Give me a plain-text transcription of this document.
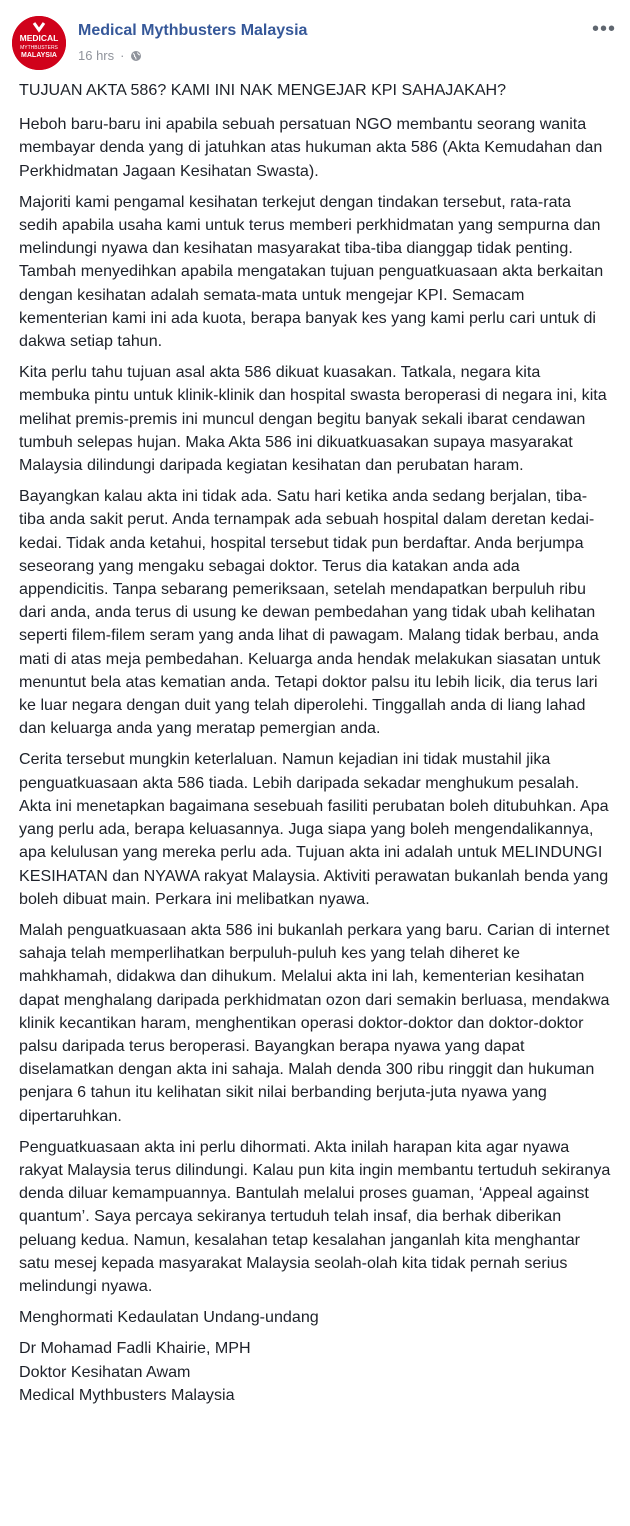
MEDICAL
MYTHBUSTERS
MALAYSIA
Medical Mythbusters Malaysia
16 hrs ·
•••

TUJUAN AKTA 586? KAMI INI NAK MENGEJAR KPI SAHAJAKAH?

Heboh baru-baru ini apabila sebuah persatuan NGO membantu seorang wanita membayar denda yang di jatuhkan atas hukuman akta 586 (Akta Kemudahan dan Perkhidmatan Jagaan Kesihatan Swasta).

Majoriti kami pengamal kesihatan terkejut dengan tindakan tersebut, rata-rata sedih apabila usaha kami untuk terus memberi perkhidmatan yang sempurna dan melindungi nyawa dan kesihatan masyarakat tiba-tiba dianggap tidak penting. Tambah menyedihkan apabila mengatakan tujuan penguatkuasaan akta berkaitan dengan kesihatan adalah semata-mata untuk mengejar KPI. Semacam kementerian kami ini ada kuota, berapa banyak kes yang kami perlu cari untuk di dakwa setiap tahun.

Kita perlu tahu tujuan asal akta 586 dikuat kuasakan. Tatkala, negara kita membuka pintu untuk klinik-klinik dan hospital swasta beroperasi di negara ini, kita melihat premis-premis ini muncul dengan begitu banyak sekali ibarat cendawan tumbuh selepas hujan. Maka Akta 586 ini dikuatkuasakan supaya masyarakat Malaysia dilindungi daripada kegiatan kesihatan dan perubatan haram.

Bayangkan kalau akta ini tidak ada. Satu hari ketika anda sedang berjalan, tiba-tiba anda sakit perut. Anda ternampak ada sebuah hospital dalam deretan kedai-kedai. Tidak anda ketahui, hospital tersebut tidak pun berdaftar. Anda berjumpa seseorang yang mengaku sebagai doktor. Terus dia katakan anda ada appendicitis. Tanpa sebarang pemeriksaan, setelah mendapatkan berpuluh ribu dari anda, anda terus di usung ke dewan pembedahan yang tidak ubah kelihatan seperti filem-filem seram yang anda lihat di pawagam. Malang tidak berbau, anda mati di atas meja pembedahan. Keluarga anda hendak melakukan siasatan untuk menuntut bela atas kematian anda. Tetapi doktor palsu itu lebih licik, dia terus lari ke luar negara dengan duit yang telah diperolehi. Tinggallah anda di liang lahad dan keluarga anda yang meratap pemergian anda.

Cerita tersebut mungkin keterlaluan. Namun kejadian ini tidak mustahil jika penguatkuasaan akta 586 tiada. Lebih daripada sekadar menghukum pesalah. Akta ini menetapkan bagaimana sesebuah fasiliti perubatan boleh ditubuhkan. Apa yang perlu ada, berapa keluasannya. Juga siapa yang boleh mengendalikannya, apa kelulusan yang mereka perlu ada. Tujuan akta ini adalah untuk MELINDUNGI KESIHATAN dan NYAWA rakyat Malaysia. Aktiviti perawatan bukanlah benda yang boleh dibuat main. Perkara ini melibatkan nyawa.

Malah penguatkuasaan akta 586 ini bukanlah perkara yang baru. Carian di internet sahaja telah memperlihatkan berpuluh-puluh kes yang telah diheret ke mahkhamah, didakwa dan dihukum. Melalui akta ini lah, kementerian kesihatan dapat menghalang daripada perkhidmatan ozon dari semakin berluasa, mendakwa klinik kecantikan haram, menghentikan operasi doktor-doktor dan doktor-doktor palsu daripada terus beroperasi. Bayangkan berapa nyawa yang dapat diselamatkan dengan akta ini sahaja. Malah denda 300 ribu ringgit dan hukuman penjara 6 tahun itu kelihatan sikit nilai berbanding berjuta-juta nyawa yang dipertaruhkan.

Penguatkuasaan akta ini perlu dihormati. Akta inilah harapan kita agar nyawa rakyat Malaysia terus dilindungi. Kalau pun kita ingin membantu tertuduh sekiranya denda diluar kemampuannya. Bantulah melalui proses guaman, ‘Appeal against quantum’. Saya percaya sekiranya tertuduh telah insaf, dia berhak diberikan peluang kedua. Namun, kesalahan tetap kesalahan janganlah kita menghantar satu mesej kepada masyarakat Malaysia seolah-olah kita tidak pernah serius melindungi nyawa.

Menghormati Kedaulatan Undang-undang

Dr Mohamad Fadli Khairie, MPH
Doktor Kesihatan Awam
Medical Mythbusters Malaysia
